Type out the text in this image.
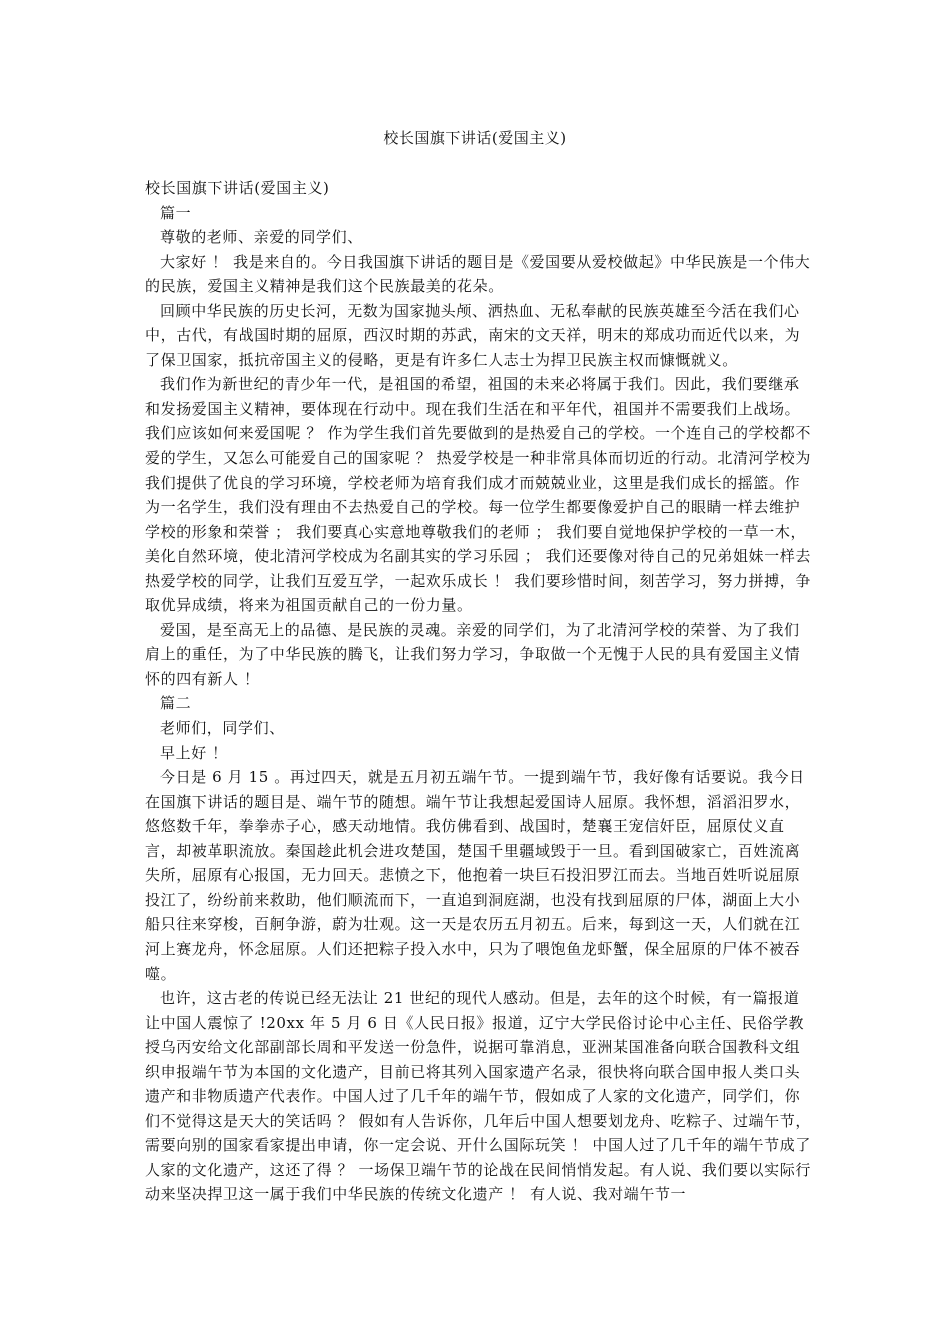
校长国旗下讲话(爱国主义)

校长国旗下讲话(爱国主义)

篇一

尊敬的老师、亲爱的同学们、

大家好 ！ 我是来自的。今日我国旗下讲话的题目是《爱国要从爱校做起》中华民族是一个伟大的民族，爱国主义精神是我们这个民族最美的花朵。

回顾中华民族的历史长河，无数为国家抛头颅、洒热血、无私奉献的民族英雄至今活在我们心中，古代，有战国时期的屈原，西汉时期的苏武，南宋的文天祥，明末的郑成功而近代以来，为了保卫国家，抵抗帝国主义的侵略，更是有许多仁人志士为捍卫民族主权而慷慨就义。

我们作为新世纪的青少年一代，是祖国的希望，祖国的未来必将属于我们。因此，我们要继承和发扬爱国主义精神，要体现在行动中。现在我们生活在和平年代，祖国并不需要我们上战场。我们应该如何来爱国呢 ？ 作为学生我们首先要做到的是热爱自己的学校。一个连自己的学校都不爱的学生，又怎么可能爱自己的国家呢 ？ 热爱学校是一种非常具体而切近的行动。北清河学校为我们提供了优良的学习环境，学校老师为培育我们成才而兢兢业业，这里是我们成长的摇篮。作为一名学生，我们没有理由不去热爱自己的学校。每一位学生都要像爱护自己的眼睛一样去维护学校的形象和荣誉 ； 我们要真心实意地尊敬我们的老师 ； 我们要自觉地保护学校的一草一木，美化自然环境，使北清河学校成为名副其实的学习乐园 ； 我们还要像对待自己的兄弟姐妹一样去热爱学校的同学，让我们互爱互学，一起欢乐成长 ！ 我们要珍惜时间，刻苦学习，努力拼搏，争取优异成绩，将来为祖国贡献自己的一份力量。

爱国，是至高无上的品德、是民族的灵魂。亲爱的同学们，为了北清河学校的荣誉、为了我们肩上的重任，为了中华民族的腾飞，让我们努力学习，争取做一个无愧于人民的具有爱国主义情怀的四有新人 ！

篇二

老师们，同学们、

早上好 ！

今日是 6 月 15 。再过四天，就是五月初五端午节。一提到端午节，我好像有话要说。我今日在国旗下讲话的题目是、端午节的随想。端午节让我想起爱国诗人屈原。我怀想，滔滔汨罗水，悠悠数千年，拳拳赤子心，感天动地情。我仿佛看到、战国时，楚襄王宠信奸臣，屈原仗义直言，却被革职流放。秦国趁此机会进攻楚国，楚国千里疆域毁于一旦。看到国破家亡，百姓流离失所，屈原有心报国，无力回天。悲愤之下，他抱着一块巨石投汨罗江而去。当地百姓听说屈原投江了，纷纷前来救助，他们顺流而下，一直追到洞庭湖，也没有找到屈原的尸体，湖面上大小船只往来穿梭，百舸争游，蔚为壮观。这一天是农历五月初五。后来，每到这一天，人们就在江河上赛龙舟，怀念屈原。人们还把粽子投入水中，只为了喂饱鱼龙虾蟹，保全屈原的尸体不被吞噬。

也许，这古老的传说已经无法让 21 世纪的现代人感动。但是，去年的这个时候，有一篇报道让中国人震惊了 !20xx 年 5 月 6 日《人民日报》报道，辽宁大学民俗讨论中心主任、民俗学教授乌丙安给文化部副部长周和平发送一份急件，说据可靠消息，亚洲某国准备向联合国教科文组织申报端午节为本国的文化遗产，目前已将其列入国家遗产名录，很快将向联合国申报人类口头遗产和非物质遗产代表作。中国人过了几千年的端午节，假如成了人家的文化遗产，同学们，你们不觉得这是天大的笑话吗 ？ 假如有人告诉你，几年后中国人想要划龙舟、吃粽子、过端午节，需要向别的国家看家提出申请，你一定会说、开什么国际玩笑 ！ 中国人过了几千年的端午节成了人家的文化遗产，这还了得 ？ 一场保卫端午节的论战在民间悄悄发起。有人说、我们要以实际行动来坚决捍卫这一属于我们中华民族的传统文化遗产 ！ 有人说、我对端午节一
